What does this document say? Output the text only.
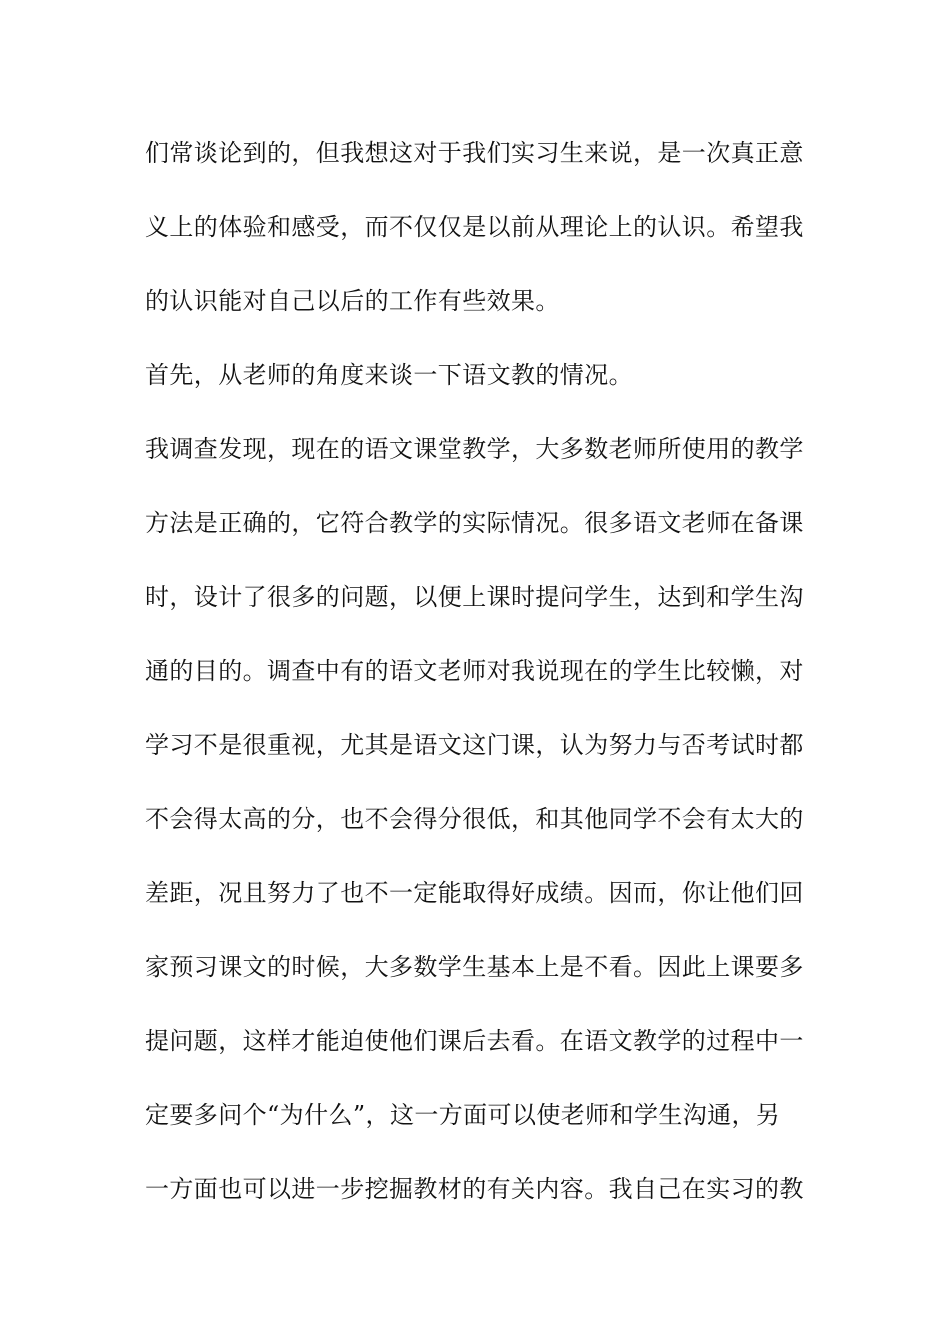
们常谈论到的，但我想这对于我们实习生来说，是一次真正意
义上的体验和感受，而不仅仅是以前从理论上的认识。希望我
的认识能对自己以后的工作有些效果。
首先，从老师的角度来谈一下语文教的情况。
我调查发现，现在的语文课堂教学，大多数老师所使用的教学
方法是正确的，它符合教学的实际情况。很多语文老师在备课
时，设计了很多的问题，以便上课时提问学生，达到和学生沟
通的目的。调查中有的语文老师对我说现在的学生比较懒，对
学习不是很重视，尤其是语文这门课，认为努力与否考试时都
不会得太高的分，也不会得分很低，和其他同学不会有太大的
差距，况且努力了也不一定能取得好成绩。因而，你让他们回
家预习课文的时候，大多数学生基本上是不看。因此上课要多
提问题，这样才能迫使他们课后去看。在语文教学的过程中一
定要多问个“为什么”，这一方面可以使老师和学生沟通，另
一方面也可以进一步挖掘教材的有关内容。我自己在实习的教
